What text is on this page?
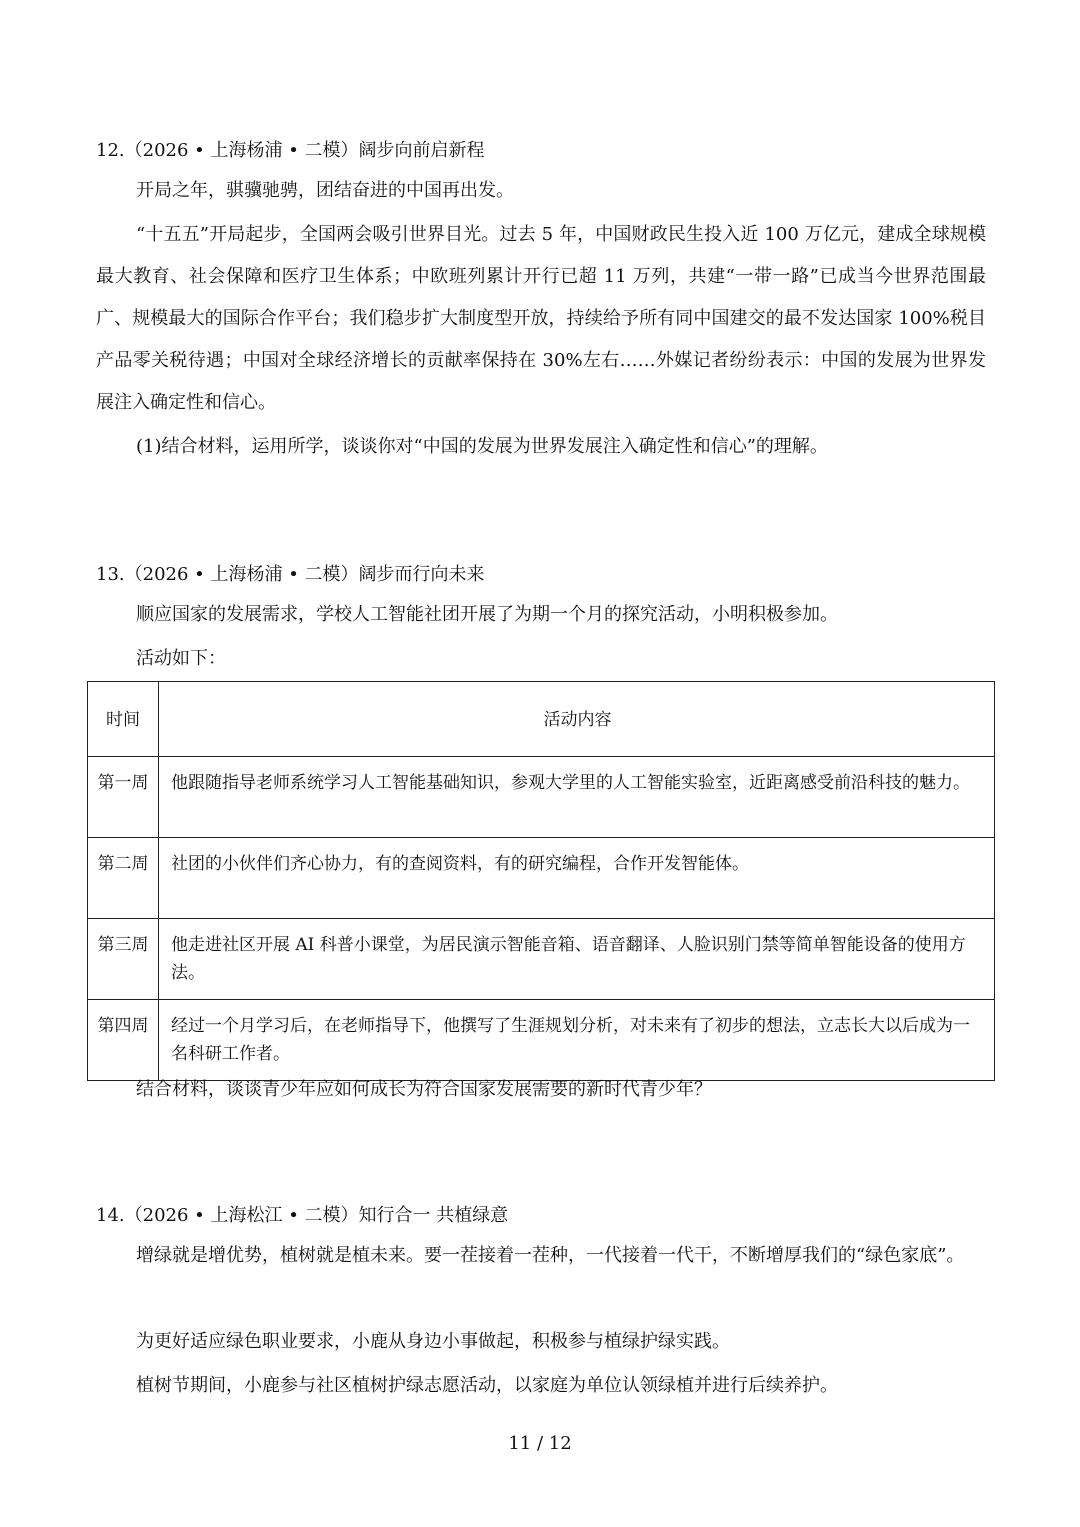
12.（2026 • 上海杨浦 • 二模）阔步向前启新程
开局之年，骐骥驰骋，团结奋进的中国再出发。
“十五五”开局起步，全国两会吸引世界目光。过去 5 年，中国财政民生投入近 100 万亿元，建成全球规模最大教育、社会保障和医疗卫生体系；中欧班列累计开行已超 11 万列，共建“一带一路”已成当今世界范围最广、规模最大的国际合作平台；我们稳步扩大制度型开放，持续给予所有同中国建交的最不发达国家 100%税目产品零关税待遇；中国对全球经济增长的贡献率保持在 30%左右……外媒记者纷纷表示：中国的发展为世界发展注入确定性和信心。
(1)结合材料，运用所学，谈谈你对“中国的发展为世界发展注入确定性和信心”的理解。
13.（2026 • 上海杨浦 • 二模）阔步而行向未来
顺应国家的发展需求，学校人工智能社团开展了为期一个月的探究活动，小明积极参加。
活动如下：
时间	活动内容
第一周	他跟随指导老师系统学习人工智能基础知识，参观大学里的人工智能实验室，近距离感受前沿科技的魅力。
第二周	社团的小伙伴们齐心协力，有的查阅资料，有的研究编程，合作开发智能体。
第三周	他走进社区开展 AI 科普小课堂，为居民演示智能音箱、语音翻译、人脸识别门禁等简单智能设备的使用方法。
第四周	经过一个月学习后，在老师指导下，他撰写了生涯规划分析，对未来有了初步的想法，立志长大以后成为一名科研工作者。
结合材料，谈谈青少年应如何成长为符合国家发展需要的新时代青少年？
14.（2026 • 上海松江 • 二模）知行合一 共植绿意
增绿就是增优势，植树就是植未来。要一茬接着一茬种，一代接着一代干，不断增厚我们的“绿色家底”。
为更好适应绿色职业要求，小鹿从身边小事做起，积极参与植绿护绿实践。
植树节期间，小鹿参与社区植树护绿志愿活动，以家庭为单位认领绿植并进行后续养护。
11 / 12
